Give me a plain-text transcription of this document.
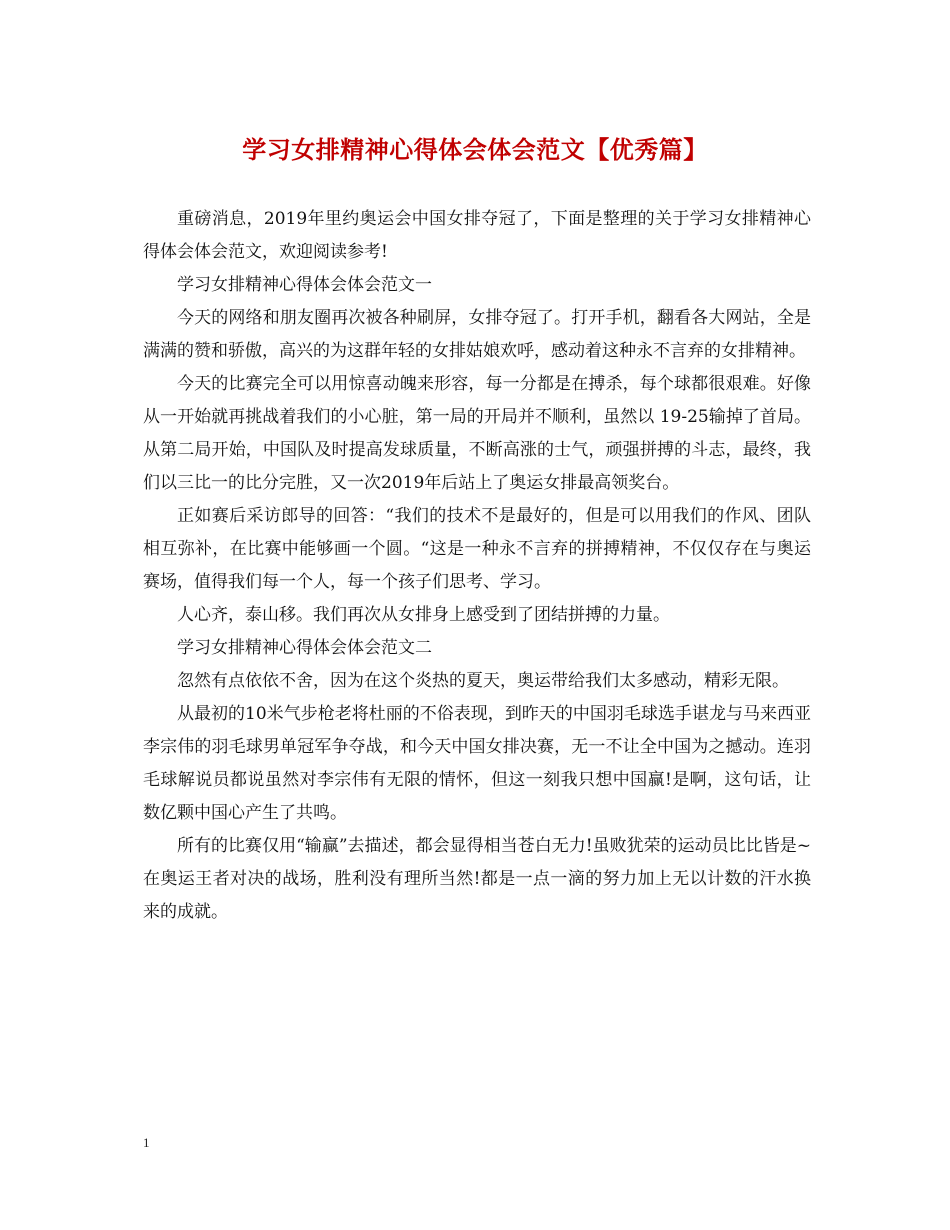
学习女排精神心得体会体会范文【优秀篇】

重磅消息，2019年里约奥运会中国女排夺冠了，下面是整理的关于学习女排精神心得体会体会范文，欢迎阅读参考!

学习女排精神心得体会体会范文一

今天的网络和朋友圈再次被各种刷屏，女排夺冠了。打开手机，翻看各大网站，全是满满的赞和骄傲，高兴的为这群年轻的女排姑娘欢呼，感动着这种永不言弃的女排精神。

今天的比赛完全可以用惊喜动魄来形容，每一分都是在搏杀，每个球都很艰难。好像从一开始就再挑战着我们的小心脏，第一局的开局并不顺利，虽然以 19-25输掉了首局。从第二局开始，中国队及时提高发球质量，不断高涨的士气，顽强拼搏的斗志，最终，我们以三比一的比分完胜，又一次2019年后站上了奥运女排最高领奖台。

正如赛后采访郎导的回答：“我们的技术不是最好的，但是可以用我们的作风、团队相互弥补，在比赛中能够画一个圆。“这是一种永不言弃的拼搏精神，不仅仅存在与奥运赛场，值得我们每一个人，每一个孩子们思考、学习。

人心齐，泰山移。我们再次从女排身上感受到了团结拼搏的力量。

学习女排精神心得体会体会范文二

忽然有点依依不舍，因为在这个炎热的夏天，奥运带给我们太多感动，精彩无限。

从最初的10米气步枪老将杜丽的不俗表现，到昨天的中国羽毛球选手谌龙与马来西亚李宗伟的羽毛球男单冠军争夺战，和今天中国女排决赛，无一不让全中国为之撼动。连羽毛球解说员都说虽然对李宗伟有无限的情怀，但这一刻我只想中国赢!是啊，这句话，让数亿颗中国心产生了共鸣。

所有的比赛仅用“输赢”去描述，都会显得相当苍白无力!虽败犹荣的运动员比比皆是~在奥运王者对决的战场，胜利没有理所当然!都是一点一滴的努力加上无以计数的汗水换来的成就。

1
